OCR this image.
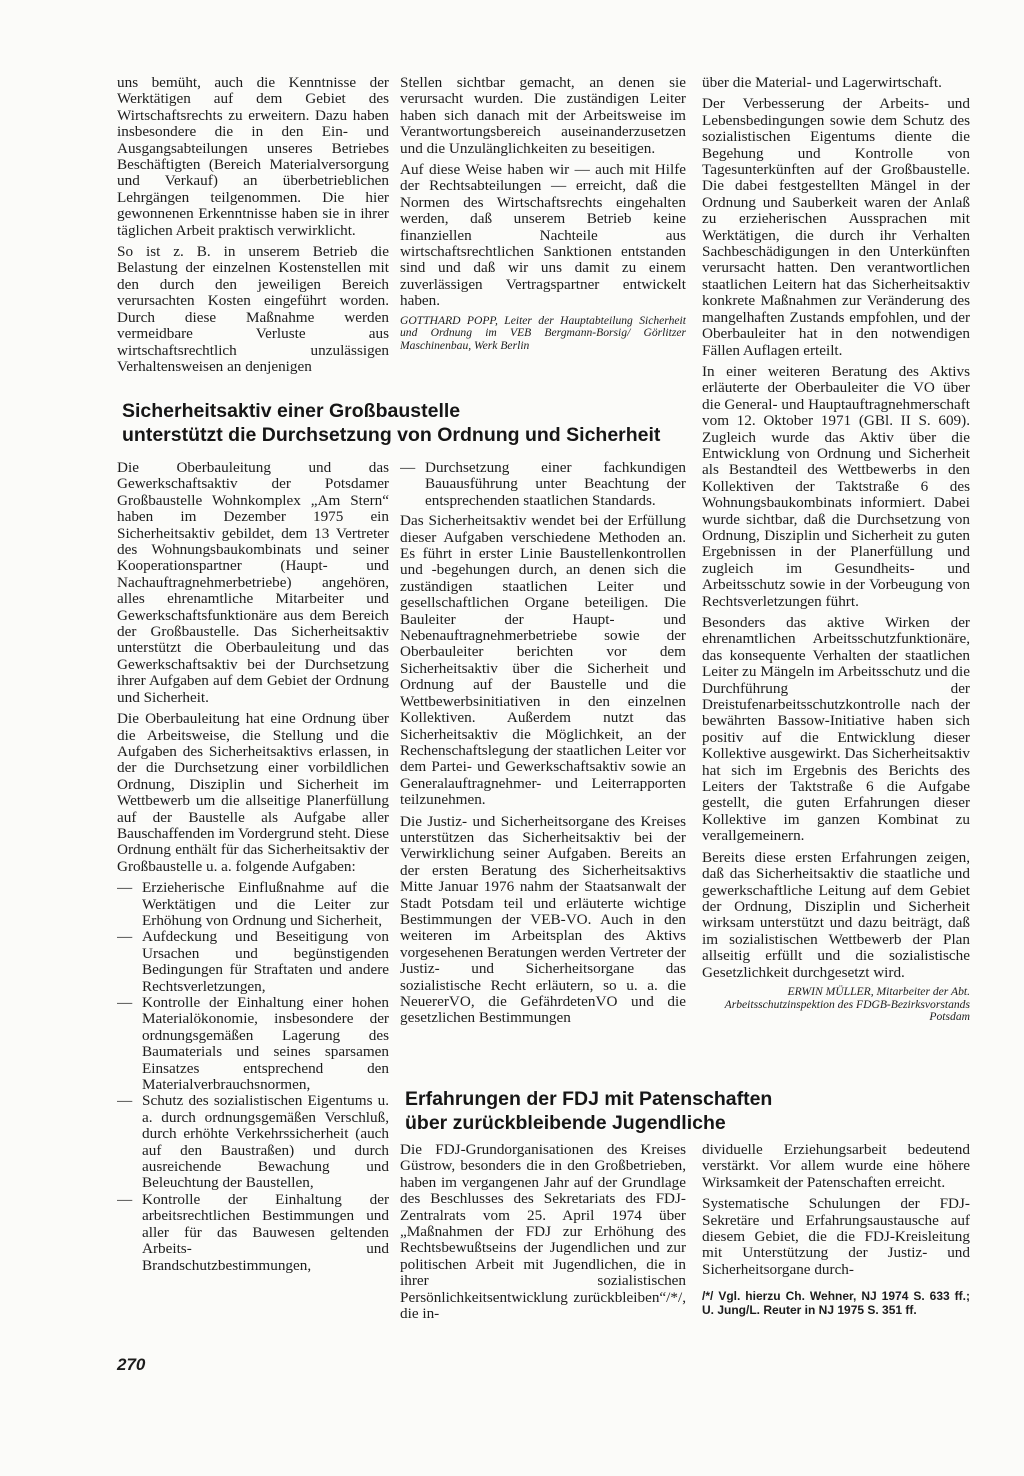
uns bemüht, auch die Kenntnisse der Werktätigen auf dem Gebiet des Wirtschaftsrechts zu erweitern. Dazu haben insbesondere die in den Ein- und Ausgangsabteilungen unseres Betriebes Beschäftigten (Bereich Materialversorgung und Verkauf) an überbetrieblichen Lehrgängen teilgenommen. Die hier gewonnenen Erkenntnisse haben sie in ihrer täglichen Arbeit praktisch verwirklicht.

So ist z. B. in unserem Betrieb die Belastung der einzelnen Kostenstellen mit den durch den jeweiligen Bereich verursachten Kosten eingeführt worden. Durch diese Maßnahme werden vermeidbare Verluste aus wirtschaftsrechtlich unzulässigen Verhaltensweisen an denjenigen

Stellen sichtbar gemacht, an denen sie verursacht wurden. Die zuständigen Leiter haben sich danach mit der Arbeitsweise im Verantwortungsbereich auseinanderzusetzen und die Unzulänglichkeiten zu beseitigen.

Auf diese Weise haben wir — auch mit Hilfe der Rechtsabteilungen — erreicht, daß die Normen des Wirtschaftsrechts eingehalten werden, daß unserem Betrieb keine finanziellen Nachteile aus wirtschaftsrechtlichen Sanktionen entstanden sind und daß wir uns damit zu einem zuverlässigen Vertragspartner entwickelt haben.

GOTTHARD POPP, Leiter der Hauptabteilung Sicherheit und Ordnung im VEB Bergmann-Borsig/ Görlitzer Maschinenbau, Werk Berlin

Sicherheitsaktiv einer Großbaustelle
unterstützt die Durchsetzung von Ordnung und Sicherheit

Die Oberbauleitung und das Gewerkschaftsaktiv der Potsdamer Großbaustelle Wohnkomplex „Am Stern“ haben im Dezember 1975 ein Sicherheitsaktiv gebildet, dem 13 Vertreter des Wohnungsbaukombinats und seiner Kooperationspartner (Haupt- und Nachauftragnehmerbetriebe) angehören, alles ehrenamtliche Mitarbeiter und Gewerkschaftsfunktionäre aus dem Bereich der Großbaustelle. Das Sicherheitsaktiv unterstützt die Oberbauleitung und das Gewerkschaftsaktiv bei der Durchsetzung ihrer Aufgaben auf dem Gebiet der Ordnung und Sicherheit.

Die Oberbauleitung hat eine Ordnung über die Arbeitsweise, die Stellung und die Aufgaben des Sicherheitsaktivs erlassen, in der die Durchsetzung einer vorbildlichen Ordnung, Disziplin und Sicherheit im Wettbewerb um die allseitige Planerfüllung auf der Baustelle als Aufgabe aller Bauschaffenden im Vordergrund steht. Diese Ordnung enthält für das Sicherheitsaktiv der Großbaustelle u. a. folgende Aufgaben:

— Erzieherische Einflußnahme auf die Werktätigen und die Leiter zur Erhöhung von Ordnung und Sicherheit,
— Aufdeckung und Beseitigung von Ursachen und begünstigenden Bedingungen für Straftaten und andere Rechtsverletzungen,
— Kontrolle der Einhaltung einer hohen Materialökonomie, insbesondere der ordnungsgemäßen Lagerung des Baumaterials und seines sparsamen Einsatzes entsprechend den Materialverbrauchsnormen,
— Schutz des sozialistischen Eigentums u. a. durch ordnungsgemäßen Verschluß, durch erhöhte Verkehrssicherheit (auch auf den Baustraßen) und durch ausreichende Bewachung und Beleuchtung der Baustellen,
— Kontrolle der Einhaltung der arbeitsrechtlichen Bestimmungen und aller für das Bauwesen geltenden Arbeits- und Brandschutzbestimmungen,
— Durchsetzung einer fachkundigen Bauausführung unter Beachtung der entsprechenden staatlichen Standards.

Das Sicherheitsaktiv wendet bei der Erfüllung dieser Aufgaben verschiedene Methoden an. Es führt in erster Linie Baustellenkontrollen und -begehungen durch, an denen sich die zuständigen staatlichen Leiter und gesellschaftlichen Organe beteiligen. Die Bauleiter der Haupt- und Nebenauftragnehmerbetriebe sowie der Oberbauleiter berichten vor dem Sicherheitsaktiv über die Sicherheit und Ordnung auf der Baustelle und die Wettbewerbsinitiativen in den einzelnen Kollektiven. Außerdem nutzt das Sicherheitsaktiv die Möglichkeit, an der Rechenschaftslegung der staatlichen Leiter vor dem Partei- und Gewerkschaftsaktiv sowie an Generalauftragnehmer- und Leiterrapporten teilzunehmen.

Die Justiz- und Sicherheitsorgane des Kreises unterstützen das Sicherheitsaktiv bei der Verwirklichung seiner Aufgaben. Bereits an der ersten Beratung des Sicherheitsaktivs Mitte Januar 1976 nahm der Staatsanwalt der Stadt Potsdam teil und erläuterte wichtige Bestimmungen der VEB-VO. Auch in den weiteren im Arbeitsplan des Aktivs vorgesehenen Beratungen werden Vertreter der Justiz- und Sicherheitsorgane das sozialistische Recht erläutern, so u. a. die NeuererVO, die GefährdetenVO und die gesetzlichen Bestimmungen

über die Material- und Lagerwirtschaft.

Der Verbesserung der Arbeits- und Lebensbedingungen sowie dem Schutz des sozialistischen Eigentums diente die Begehung und Kontrolle von Tagesunterkünften auf der Großbaustelle. Die dabei festgestellten Mängel in der Ordnung und Sauberkeit waren der Anlaß zu erzieherischen Aussprachen mit Werktätigen, die durch ihr Verhalten Sachbeschädigungen in den Unterkünften verursacht hatten. Den verantwortlichen staatlichen Leitern hat das Sicherheitsaktiv konkrete Maßnahmen zur Veränderung des mangelhaften Zustands empfohlen, und der Oberbauleiter hat in den notwendigen Fällen Auflagen erteilt.

In einer weiteren Beratung des Aktivs erläuterte der Oberbauleiter die VO über die General- und Hauptauftragnehmerschaft vom 12. Oktober 1971 (GBl. II S. 609). Zugleich wurde das Aktiv über die Entwicklung von Ordnung und Sicherheit als Bestandteil des Wettbewerbs in den Kollektiven der Taktstraße 6 des Wohnungsbaukombinats informiert. Dabei wurde sichtbar, daß die Durchsetzung von Ordnung, Disziplin und Sicherheit zu guten Ergebnissen in der Planerfüllung und zugleich im Gesundheits- und Arbeitsschutz sowie in der Vorbeugung von Rechtsverletzungen führt.

Besonders das aktive Wirken der ehrenamtlichen Arbeitsschutzfunktionäre, das konsequente Verhalten der staatlichen Leiter zu Mängeln im Arbeitsschutz und die Durchführung der Dreistufenarbeitsschutzkontrolle nach der bewährten Bassow-Initiative haben sich positiv auf die Entwicklung dieser Kollektive ausgewirkt. Das Sicherheitsaktiv hat sich im Ergebnis des Berichts des Leiters der Taktstraße 6 die Aufgabe gestellt, die guten Erfahrungen dieser Kollektive im ganzen Kombinat zu verallgemeinern.

Bereits diese ersten Erfahrungen zeigen, daß das Sicherheitsaktiv die staatliche und gewerkschaftliche Leitung auf dem Gebiet der Ordnung, Disziplin und Sicherheit wirksam unterstützt und dazu beiträgt, daß im sozialistischen Wettbewerb der Plan allseitig erfüllt und die sozialistische Gesetzlichkeit durchgesetzt wird.

ERWIN MÜLLER, Mitarbeiter der Abt. Arbeitsschutzinspektion des FDGB-Bezirksvorstands Potsdam

Erfahrungen der FDJ mit Patenschaften
über zurückbleibende Jugendliche

Die FDJ-Grundorganisationen des Kreises Güstrow, besonders die in den Großbetrieben, haben im vergangenen Jahr auf der Grundlage des Beschlusses des Sekretariats des FDJ-Zentralrats vom 25. April 1974 über „Maßnahmen der FDJ zur Erhöhung des Rechtsbewußtseins der Jugendlichen und zur politischen Arbeit mit Jugendlichen, die in ihrer sozialistischen Persönlichkeitsentwicklung zurückbleiben“/*/, die in-

dividuelle Erziehungsarbeit bedeutend verstärkt. Vor allem wurde eine höhere Wirksamkeit der Patenschaften erreicht.

Systematische Schulungen der FDJ-Sekretäre und Erfahrungsaustausche auf diesem Gebiet, die die FDJ-Kreisleitung mit Unterstützung der Justiz- und Sicherheitsorgane durch-

/*/ Vgl. hierzu Ch. Wehner, NJ 1974 S. 633 ff.; U. Jung/L. Reuter in NJ 1975 S. 351 ff.
270
